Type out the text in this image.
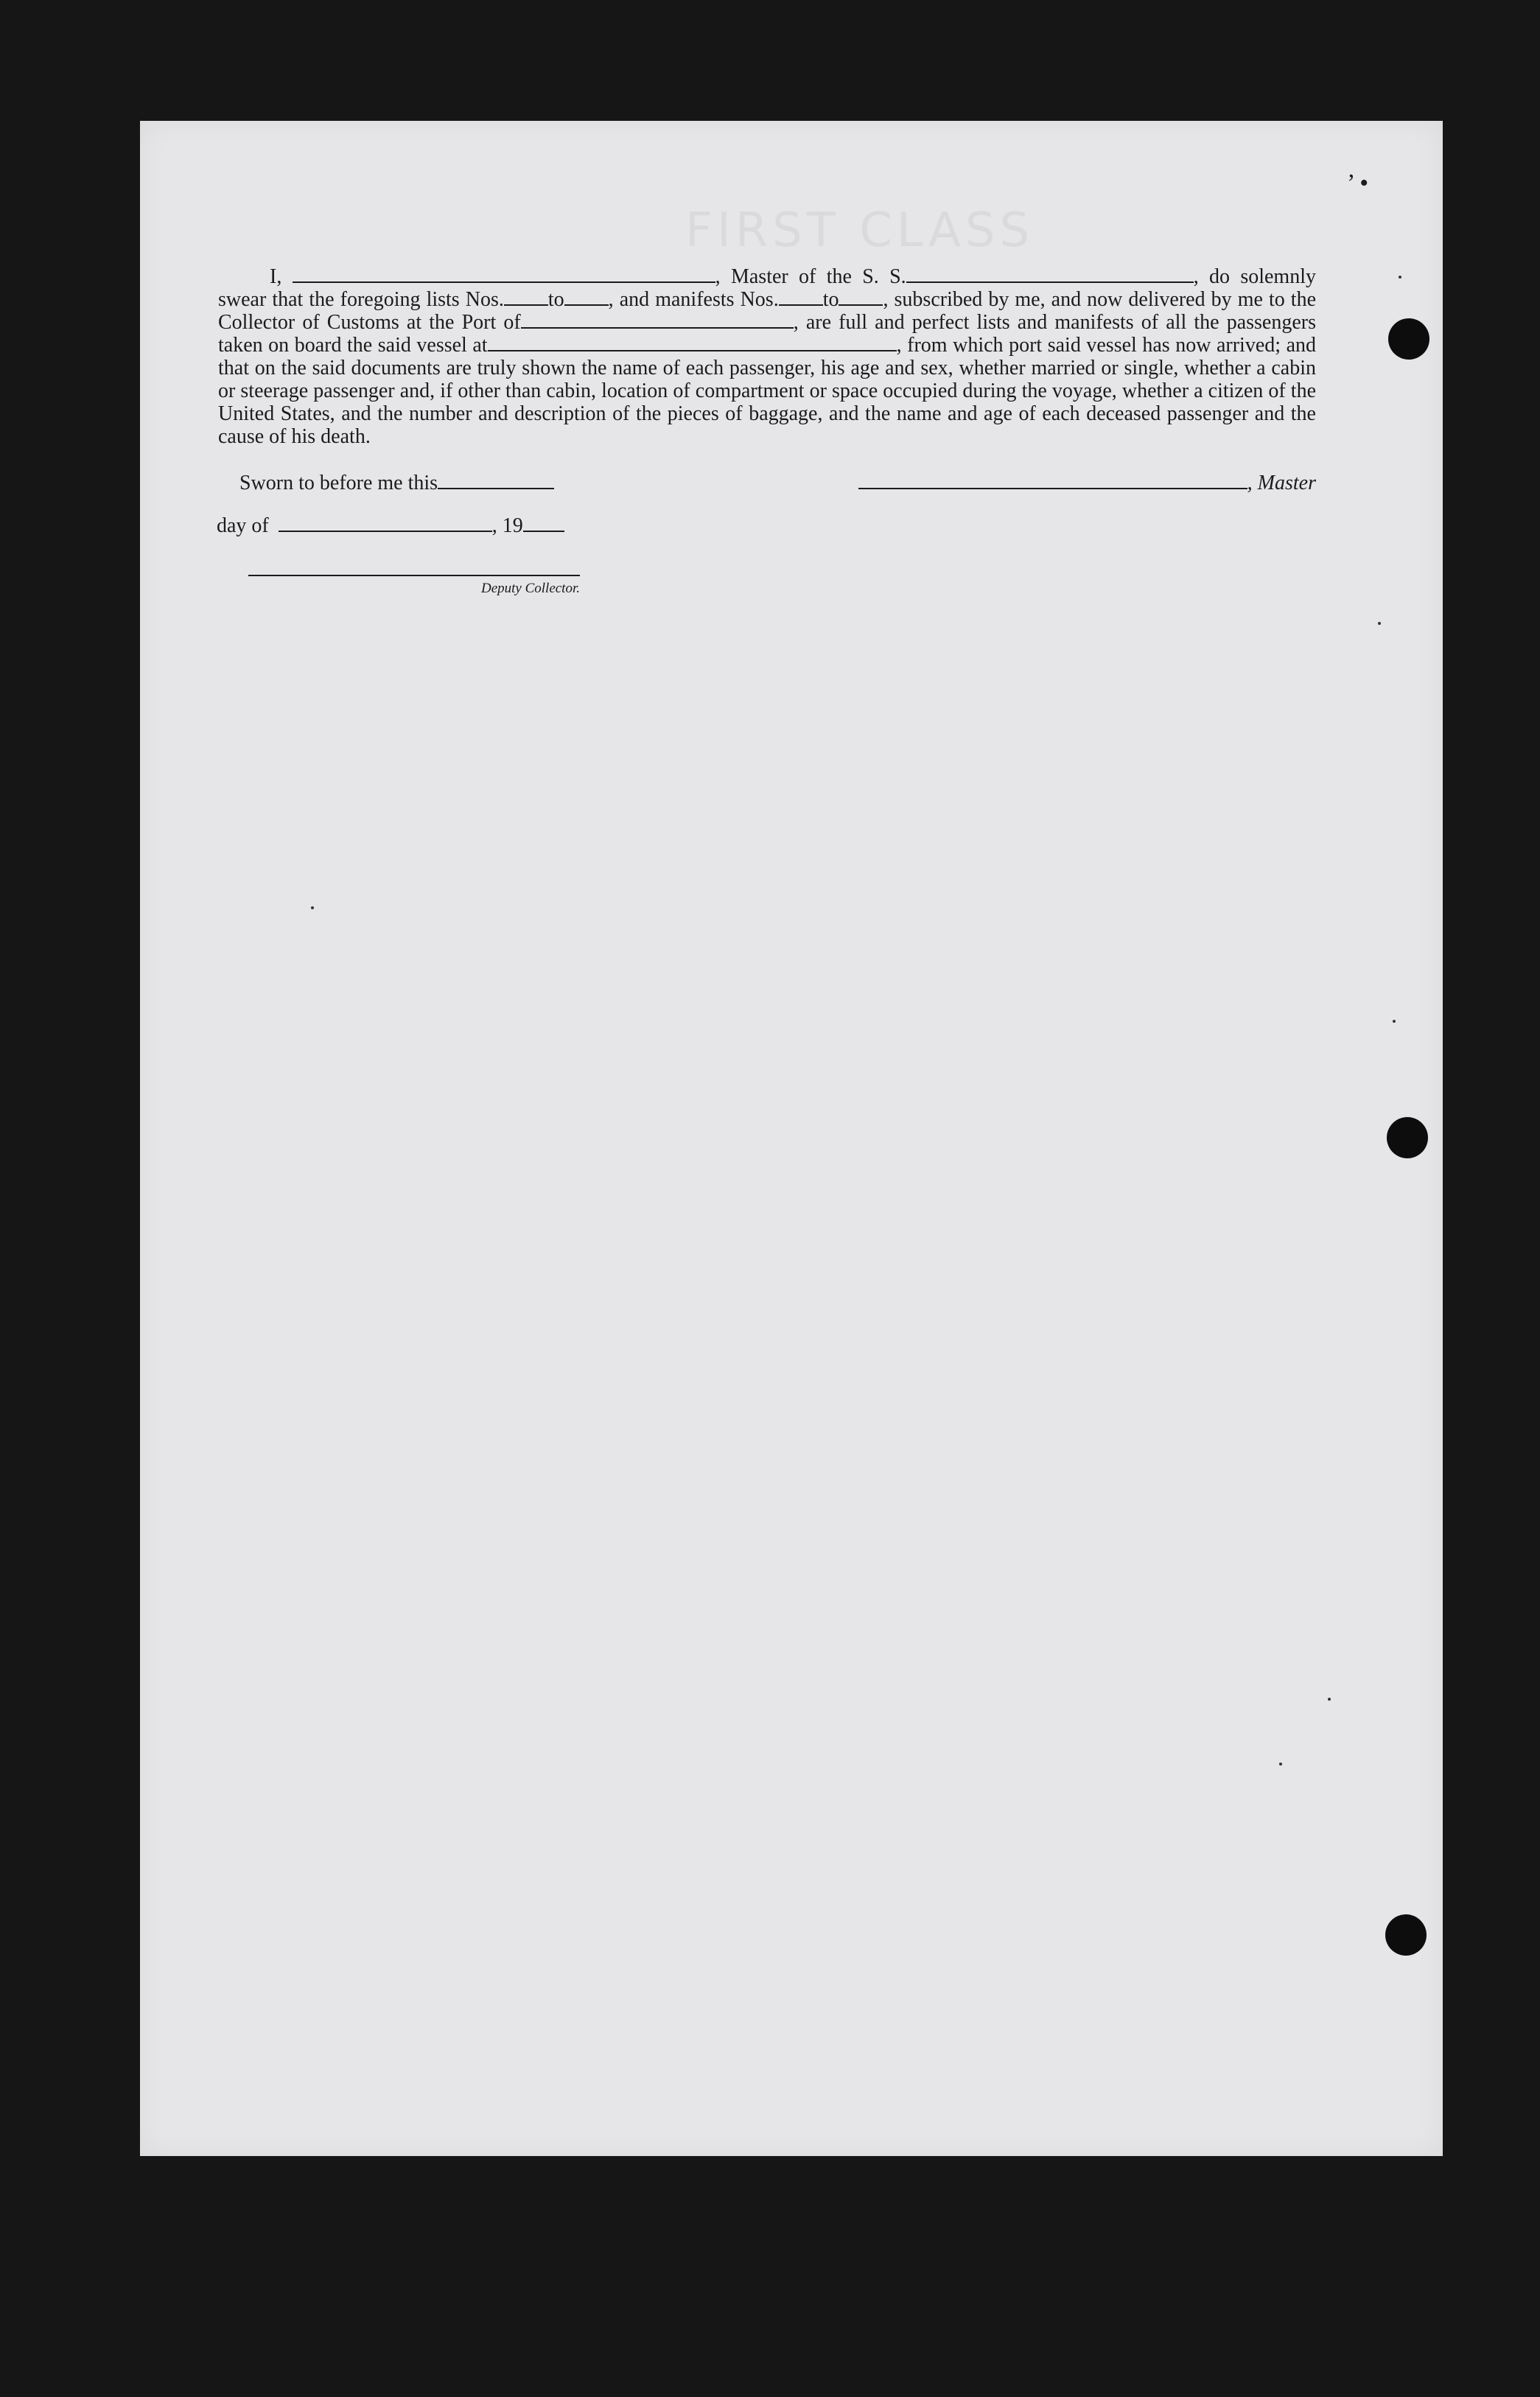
FIRST CLASS
’ •
I,	, Master of the S. S.	, do solemnly swear that the foregoing lists Nos. to , and manifests Nos. to , subscribed by me, and now delivered by me to the Collector of Customs at the Port of	, are full and perfect lists and manifests of all the passengers taken on board the said vessel at	, from which port said vessel has now arrived; and that on the said documents are truly shown the name of each passenger, his age and sex, whether married or single, whether a cabin or steerage passenger and, if other than cabin, location of compartment or space occupied during the voyage, whether a citizen of the United States, and the number and description of the pieces of baggage, and the name and age of each deceased passenger and the cause of his death.
Sworn to before me this	, Master
day of	, 19
Deputy Collector.
